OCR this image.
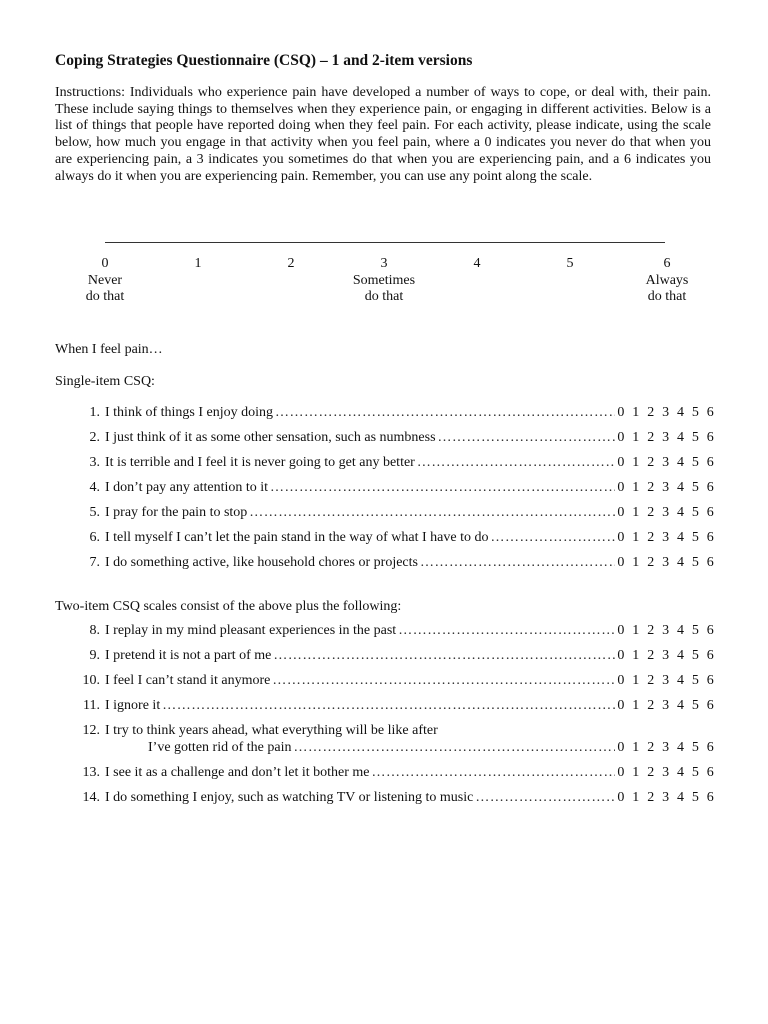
Coping Strategies Questionnaire (CSQ) – 1 and 2-item versions

Instructions: Individuals who experience pain have developed a number of ways to cope, or deal with, their pain. These include saying things to themselves when they experience pain, or engaging in different activities. Below is a list of things that people have reported doing when they feel pain. For each activity, please indicate, using the scale below, how much you engage in that activity when you feel pain, where a 0 indicates you never do that when you are experiencing pain, a 3 indicates you sometimes do that when you are experiencing pain, and a 6 indicates you always do it when you are experiencing pain. Remember, you can use any point along the scale.

0
Never
do that
1	2	3
Sometimes
do that
4	5	6
Always
do that
When I feel pain…
Single-item CSQ:
1. I think of things I enjoy doing …………………………………………………………………………………………………………………………………………………………………	0 1 2 3 4 5 6
2. I just think of it as some other sensation, such as numbness …………………………………………………………………………………………………………………………………………………………………	0 1 2 3 4 5 6
3. It is terrible and I feel it is never going to get any better …………………………………………………………………………………………………………………………………………………………………	0 1 2 3 4 5 6
4. I don’t pay any attention to it …………………………………………………………………………………………………………………………………………………………………	0 1 2 3 4 5 6
5. I pray for the pain to stop …………………………………………………………………………………………………………………………………………………………………	0 1 2 3 4 5 6
6. I tell myself I can’t let the pain stand in the way of what I have to do …………………………………………………………………………………………………………………………………………………………………	0 1 2 3 4 5 6
7. I do something active, like household chores or projects …………………………………………………………………………………………………………………………………………………………………	0 1 2 3 4 5 6
Two-item CSQ scales consist of the above plus the following:
8. I replay in my mind pleasant experiences in the past …………………………………………………………………………………………………………………………………………………………………	0 1 2 3 4 5 6
9. I pretend it is not a part of me …………………………………………………………………………………………………………………………………………………………………	0 1 2 3 4 5 6
10. I feel I can’t stand it anymore …………………………………………………………………………………………………………………………………………………………………	0 1 2 3 4 5 6
11. I ignore it …………………………………………………………………………………………………………………………………………………………………	0 1 2 3 4 5 6
12. I try to think years ahead, what everything will be like after
I’ve gotten rid of the pain …………………………………………………………………………………………………………………………………………………………………	0 1 2 3 4 5 6
13. I see it as a challenge and don’t let it bother me …………………………………………………………………………………………………………………………………………………………………	0 1 2 3 4 5 6
14. I do something I enjoy, such as watching TV or listening to music …………………………………………………………………………………………………………………………………………………………………	0 1 2 3 4 5 6
